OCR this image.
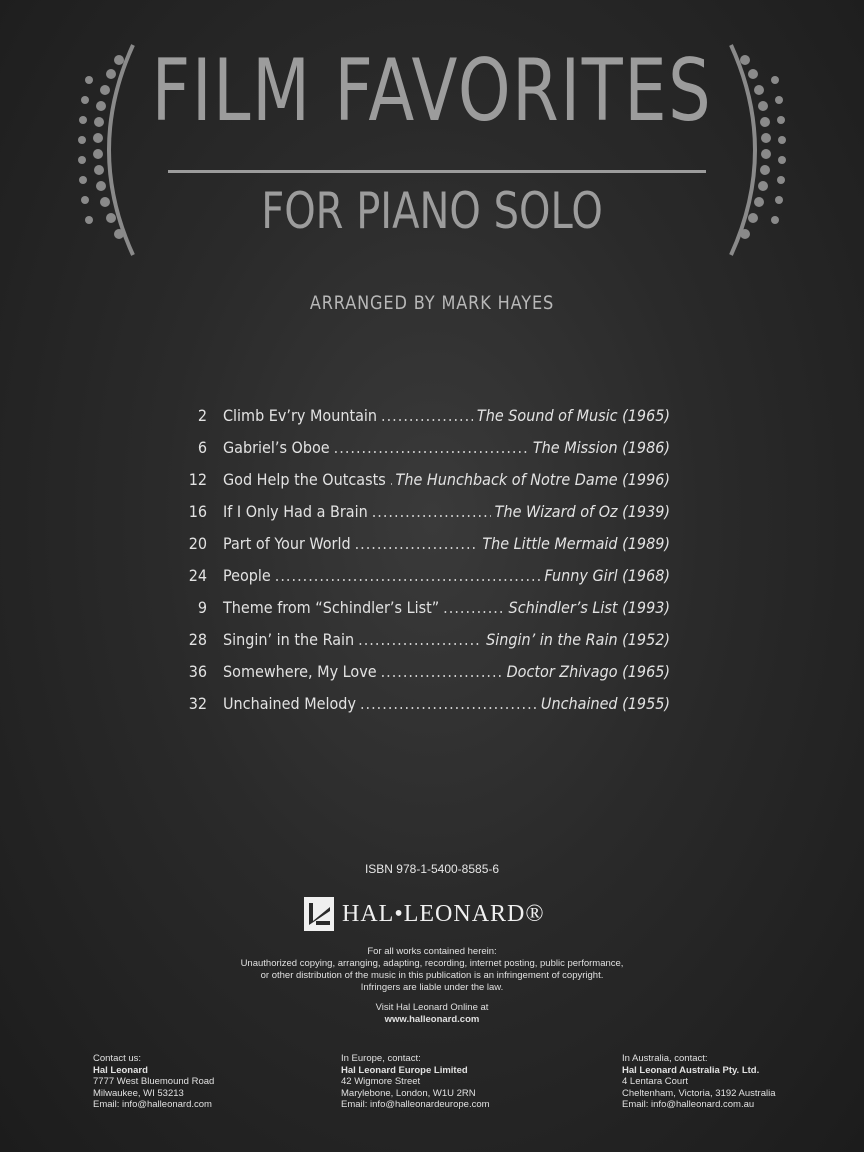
FILM FAVORITES
FOR PIANO SOLO
ARRANGED BY MARK HAYES
2	Climb Ev’ry Mountain .....	The Sound of Music (1965)
6	Gabriel’s Oboe .....	The Mission (1986)
12	God Help the Outcasts ..... The Hunchback of Notre Dame (1996)
16	If I Only Had a Brain .....	The Wizard of Oz (1939)
20	Part of Your World .....	The Little Mermaid (1989)
24	People .....	Funny Girl (1968)
9	Theme from “Schindler’s List” .....	Schindler’s List (1993)
28	Singin’ in the Rain .....	Singin’ in the Rain (1952)
36	Somewhere, My Love .....	Doctor Zhivago (1965)
32	Unchained Melody .....	Unchained (1955)
ISBN 978-1-5400-8585-6
HAL•LEONARD®

For all works contained herein:

Unauthorized copying, arranging, adapting, recording, internet posting, public performance,

or other distribution of the music in this publication is an infringement of copyright.

Infringers are liable under the law.

Visit Hal Leonard Online at
www.halleonard.com
Contact us:
Hal Leonard
7777 West Bluemound Road
Milwaukee, WI 53213
Email: info@halleonard.com
In Europe, contact:
Hal Leonard Europe Limited
42 Wigmore Street
Marylebone, London, W1U 2RN
Email: info@halleonardeurope.com
In Australia, contact:
Hal Leonard Australia Pty. Ltd.
4 Lentara Court
Cheltenham, Victoria, 3192 Australia
Email: info@halleonard.com.au
